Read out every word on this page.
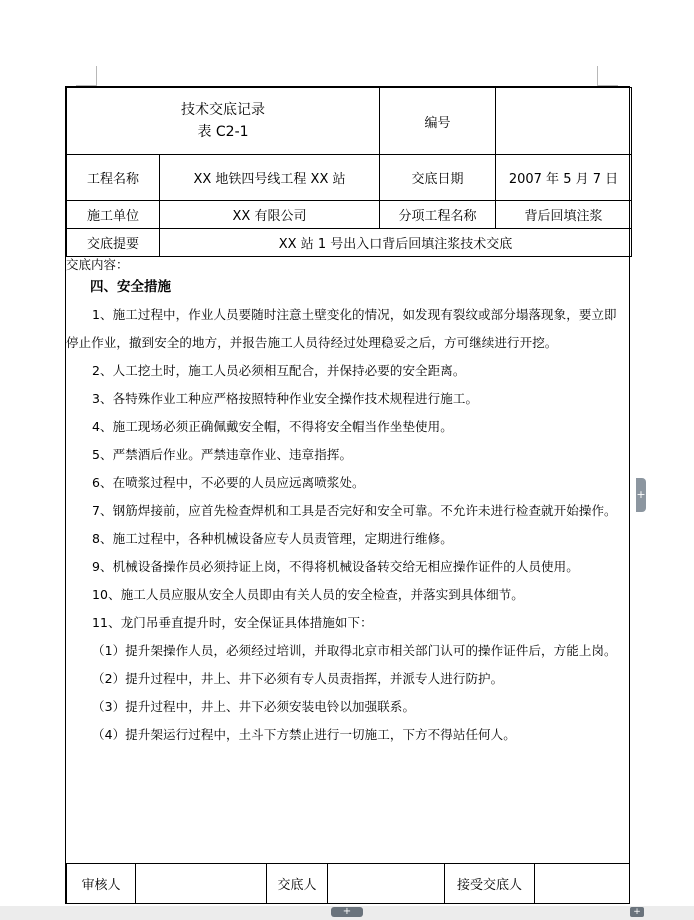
技术交底记录
表 C2-1		编号	
工程名称	XX 地铁四号线工程 XX 站	交底日期	2007 年 5 月 7 日
施工单位	XX 有限公司	分项工程名称	背后回填注浆
交底提要	XX 站 1 号出入口背后回填注浆技术交底		
交底内容：
四、安全措施

1、施工过程中，作业人员要随时注意土壁变化的情况，如发现有裂纹或部分塌落现象，要立即停止作业，撤到安全的地方，并报告施工人员待经过处理稳妥之后，方可继续进行开挖。

2、人工挖土时，施工人员必须相互配合，并保持必要的安全距离。

3、各特殊作业工种应严格按照特种作业安全操作技术规程进行施工。

4、施工现场必须正确佩戴安全帽，不得将安全帽当作坐垫使用。

5、严禁酒后作业。严禁违章作业、违章指挥。

6、在喷浆过程中，不必要的人员应远离喷浆处。

7、钢筋焊接前，应首先检查焊机和工具是否完好和安全可靠。不允许未进行检查就开始操作。

8、施工过程中，各种机械设备应专人员责管理，定期进行维修。

9、机械设备操作员必须持证上岗，不得将机械设备转交给无相应操作证件的人员使用。

10、施工人员应服从安全人员即由有关人员的安全检查，并落实到具体细节。

11、龙门吊垂直提升时，安全保证具体措施如下：

（1）提升架操作人员，必须经过培训，并取得北京市相关部门认可的操作证件后，方能上岗。

（2）提升过程中，井上、井下必须有专人员责指挥，并派专人进行防护。

（3）提升过程中，井上、井下必须安装电铃以加强联系。

（4）提升架运行过程中，土斗下方禁止进行一切施工，下方不得站任何人。

审核人		交底人		接受交底人	
+
+	+
